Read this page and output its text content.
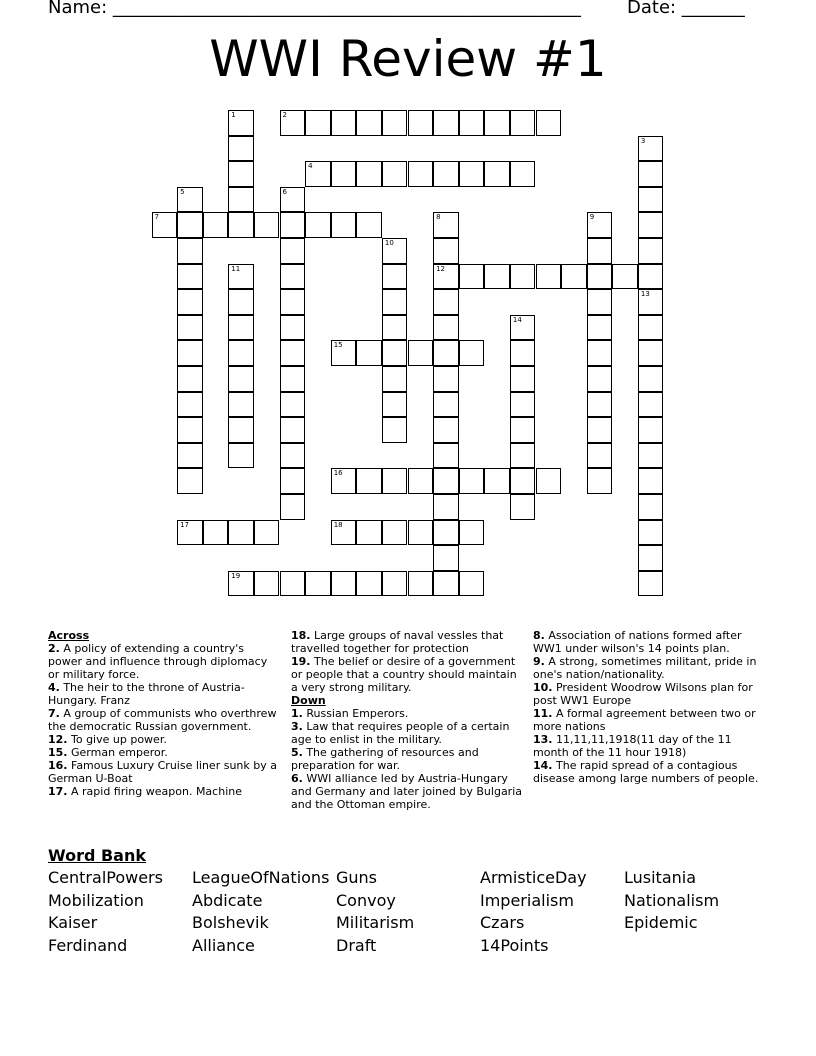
Name: ____________________________________________________	Date: _______
WWI Review #1
2
4
7
12
15
16
17	18
19
1
3
5	6
8	9
10
11
13
14
Across
2. A policy of extending a country's power and influence through diplomacy or military force.
4. The heir to the throne of Austria-Hungary. Franz
7. A group of communists who overthrew the democratic Russian government.
12. To give up power.
15. German emperor.
16. Famous Luxury Cruise liner sunk by a German U-Boat
17. A rapid firing weapon. Machine
18. Large groups of naval vessles that travelled together for protection
19. The belief or desire of a government or people that a country should maintain a very strong military.
Down
1. Russian Emperors.
3. Law that requires people of a certain age to enlist in the military.
5. The gathering of resources and preparation for war.
6. WWI alliance led by Austria-Hungary and Germany and later joined by Bulgaria and the Ottoman empire.
8. Association of nations formed after WW1 under wilson's 14 points plan.
9. A strong, sometimes militant, pride in one's nation/nationality.
10. President Woodrow Wilsons plan for post WW1 Europe
11. A formal agreement between two or more nations
13. 11,11,11,1918(11 day of the 11 month of the 11 hour 1918)
14. The rapid spread of a contagious disease among large numbers of people.
Word Bank
CentralPowers
Mobilization
Kaiser
Ferdinand
LeagueOfNations
Abdicate
Bolshevik
Alliance
Guns
Convoy
Militarism
Draft
ArmisticeDay
Imperialism
Czars
14Points
Lusitania
Nationalism
Epidemic
